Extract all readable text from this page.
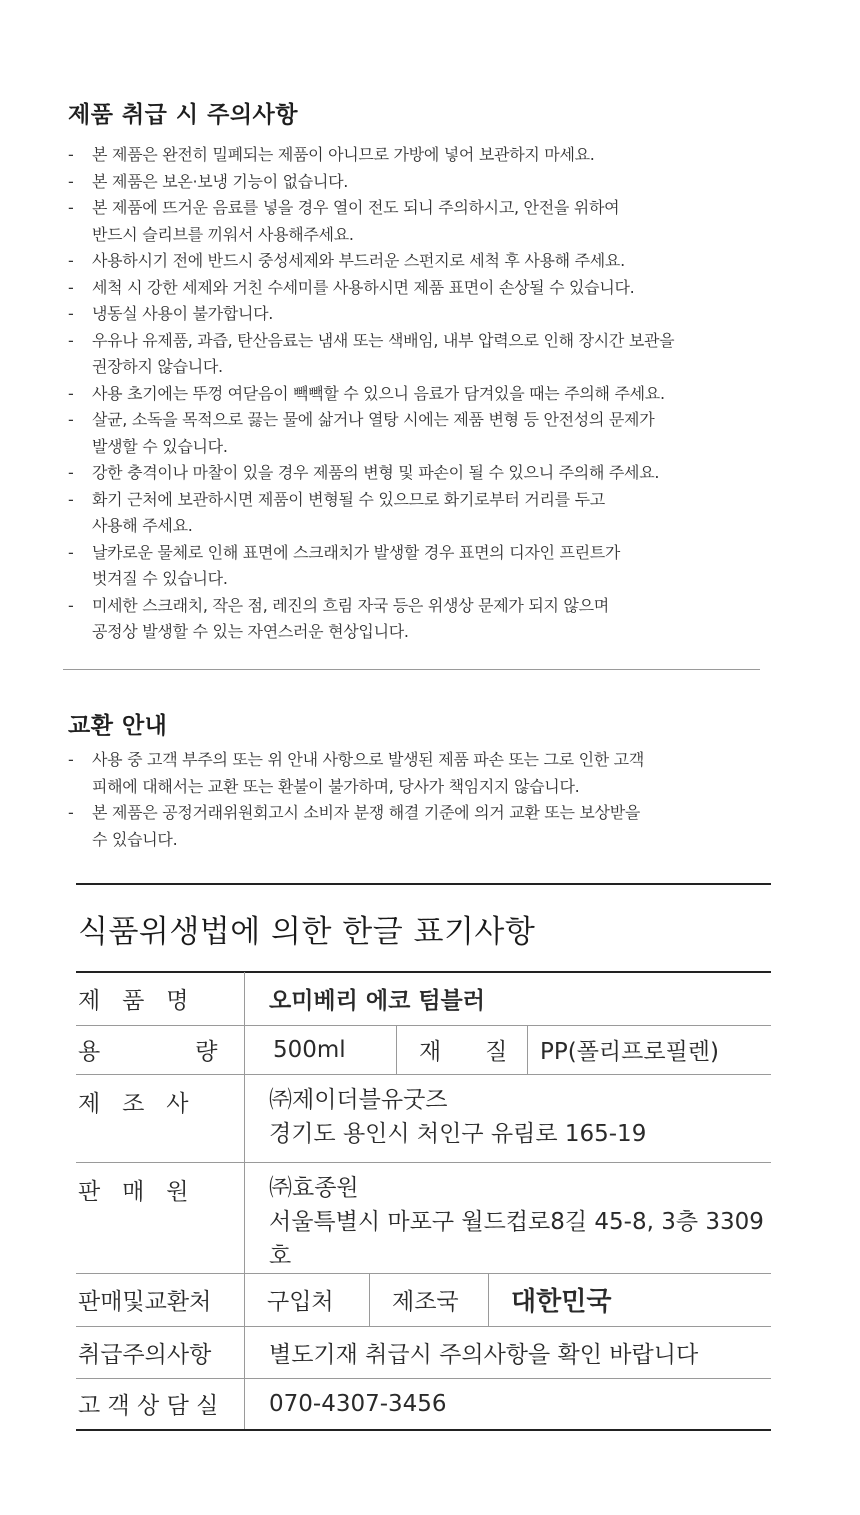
제품 취급 시 주의사항
- 본 제품은 완전히 밀폐되는 제품이 아니므로 가방에 넣어 보관하지 마세요.
- 본 제품은 보온·보냉 기능이 없습니다.
- 본 제품에 뜨거운 음료를 넣을 경우 열이 전도 되니 주의하시고, 안전을 위하여
반드시 슬리브를 끼워서 사용해주세요.
- 사용하시기 전에 반드시 중성세제와 부드러운 스펀지로 세척 후 사용해 주세요.
- 세척 시 강한 세제와 거친 수세미를 사용하시면 제품 표면이 손상될 수 있습니다.
- 냉동실 사용이 불가합니다.
- 우유나 유제품, 과즙, 탄산음료는 냄새 또는 색배임, 내부 압력으로 인해 장시간 보관을
권장하지 않습니다.
- 사용 초기에는 뚜껑 여닫음이 빽빽할 수 있으니 음료가 담겨있을 때는 주의해 주세요.
- 살균, 소독을 목적으로 끓는 물에 삶거나 열탕 시에는 제품 변형 등 안전성의 문제가
발생할 수 있습니다.
- 강한 충격이나 마찰이 있을 경우 제품의 변형 및 파손이 될 수 있으니 주의해 주세요.
- 화기 근처에 보관하시면 제품이 변형될 수 있으므로 화기로부터 거리를 두고
사용해 주세요.
- 날카로운 물체로 인해 표면에 스크래치가 발생할 경우 표면의 디자인 프린트가
벗겨질 수 있습니다.
- 미세한 스크래치, 작은 점, 레진의 흐림 자국 등은 위생상 문제가 되지 않으며
공정상 발생할 수 있는 자연스러운 현상입니다.
교환 안내
- 사용 중 고객 부주의 또는 위 안내 사항으로 발생된 제품 파손 또는 그로 인한 고객
피해에 대해서는 교환 또는 환불이 불가하며, 당사가 책임지지 않습니다.
- 본 제품은 공정거래위원회고시 소비자 분쟁 해결 기준에 의거 교환 또는 보상받을
수 있습니다.
식품위생법에 의한 한글 표기사항
제   품   명	오미베리 에코 텀블러
용             량	500ml 재      질 PP(폴리프로필렌)

제   조   사	㈜제이더블유굿즈
경기도 용인시 처인구 유림로 165-19

판   매   원	㈜효종원
서울특별시 마포구 월드컵로8길 45-8, 3층 3309호

판매및교환처	구입처 제조국 대한민국

취급주의사항	별도기재 취급시 주의사항을 확인 바랍니다
고 객 상 담 실	070-4307-3456
